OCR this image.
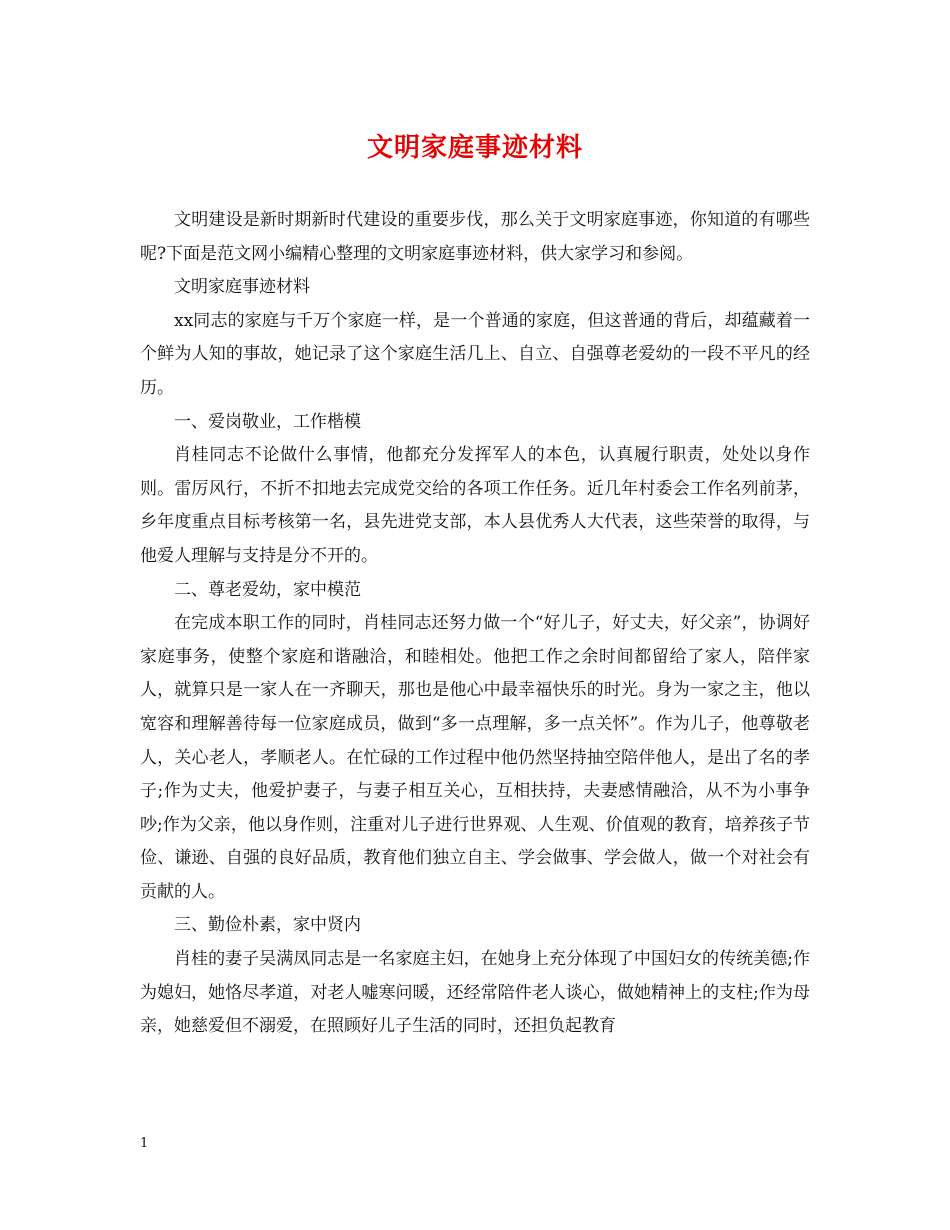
文明家庭事迹材料

文明建设是新时期新时代建设的重要步伐，那么关于文明家庭事迹，你知道的有哪些呢?下面是范文网小编精心整理的文明家庭事迹材料，供大家学习和参阅。

文明家庭事迹材料

xx同志的家庭与千万个家庭一样，是一个普通的家庭，但这普通的背后，却蕴藏着一个鲜为人知的事故，她记录了这个家庭生活几上、自立、自强尊老爱幼的一段不平凡的经历。

一、爱岗敬业，工作楷模

肖桂同志不论做什么事情，他都充分发挥军人的本色，认真履行职责，处处以身作则。雷厉风行，不折不扣地去完成党交给的各项工作任务。近几年村委会工作名列前茅，乡年度重点目标考核第一名，县先进党支部，本人县优秀人大代表，这些荣誉的取得，与他爱人理解与支持是分不开的。

二、尊老爱幼，家中模范

在完成本职工作的同时，肖桂同志还努力做一个“好儿子，好丈夫，好父亲”，协调好家庭事务，使整个家庭和谐融洽，和睦相处。他把工作之余时间都留给了家人，陪伴家人，就算只是一家人在一齐聊天，那也是他心中最幸福快乐的时光。身为一家之主，他以宽容和理解善待每一位家庭成员，做到“多一点理解，多一点关怀”。作为儿子，他尊敬老人，关心老人，孝顺老人。在忙碌的工作过程中他仍然坚持抽空陪伴他人，是出了名的孝子;作为丈夫，他爱护妻子，与妻子相互关心，互相扶持，夫妻感情融洽，从不为小事争吵;作为父亲，他以身作则，注重对儿子进行世界观、人生观、价值观的教育，培养孩子节俭、谦逊、自强的良好品质，教育他们独立自主、学会做事、学会做人，做一个对社会有贡献的人。

三、勤俭朴素，家中贤内

肖桂的妻子吴满凤同志是一名家庭主妇，在她身上充分体现了中国妇女的传统美德;作为媳妇，她恪尽孝道，对老人嘘寒问暖，还经常陪件老人谈心，做她精神上的支柱;作为母亲，她慈爱但不溺爱，在照顾好儿子生活的同时，还担负起教育

1
